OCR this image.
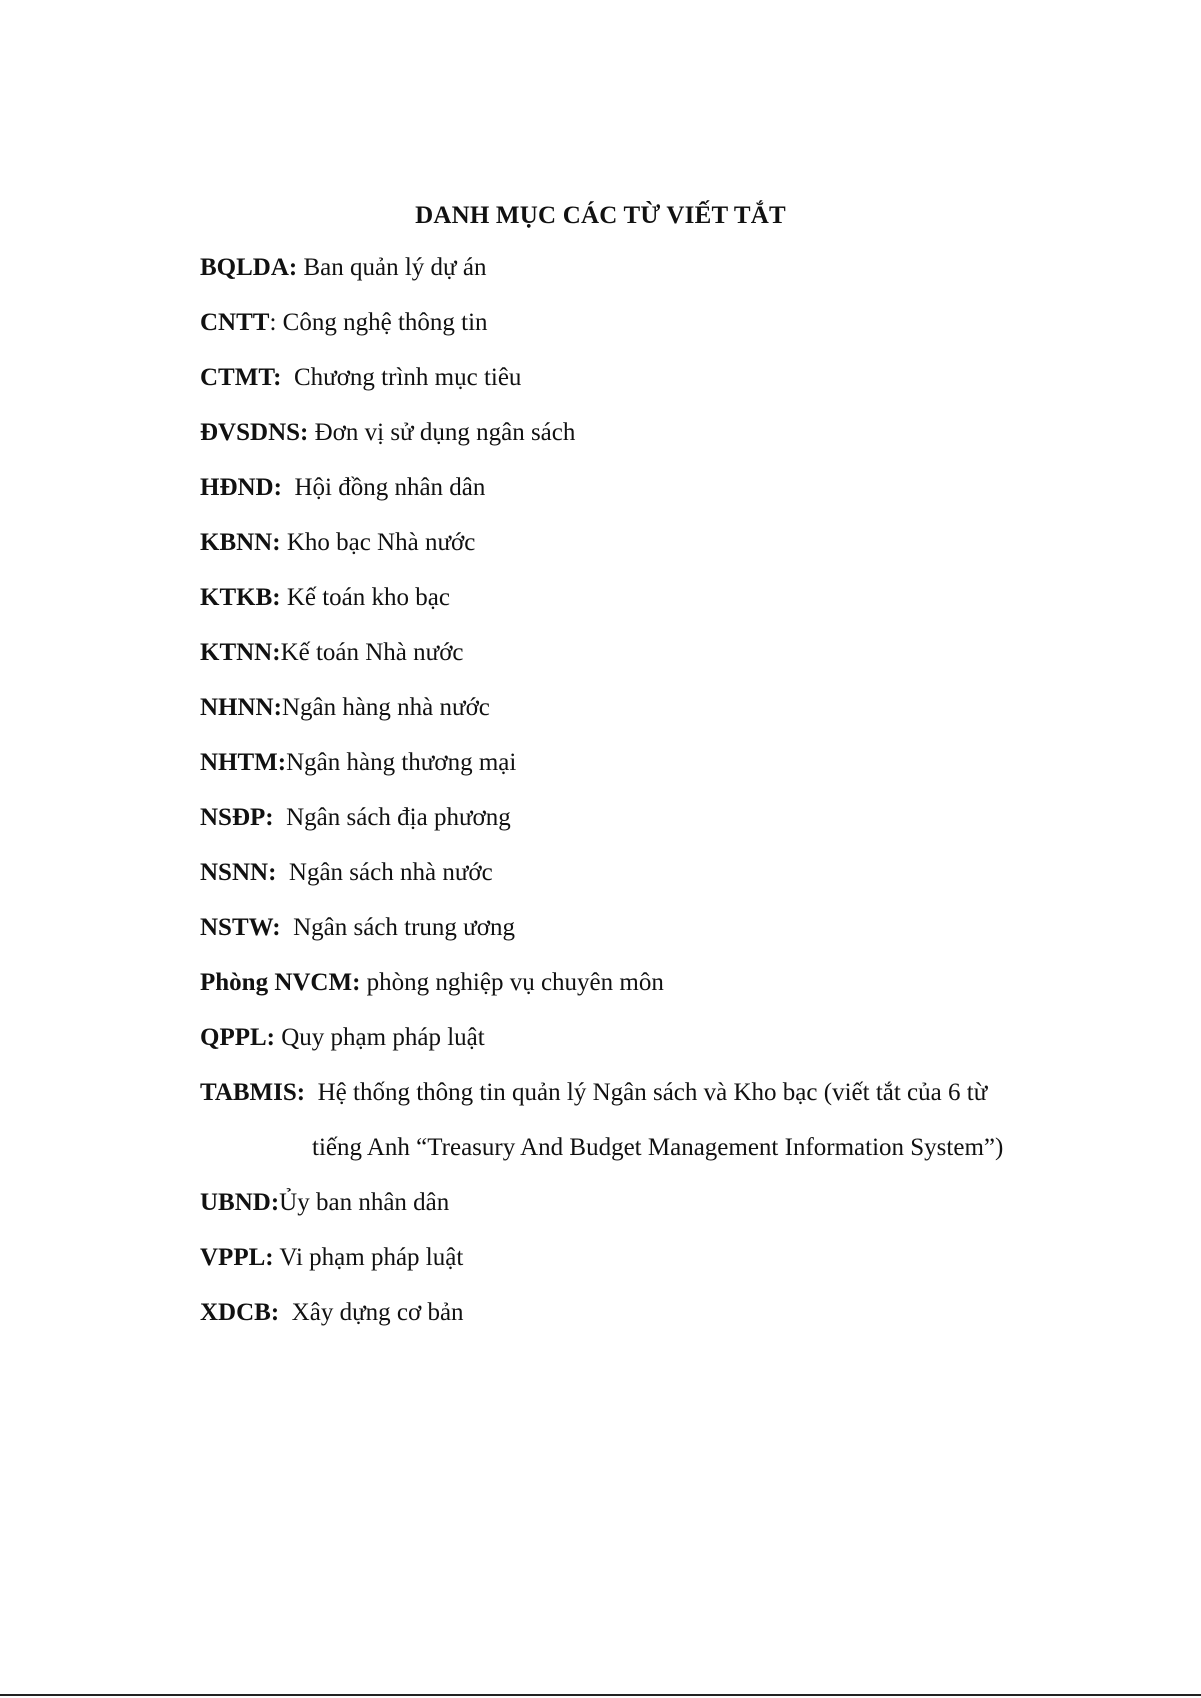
DANH MỤC CÁC TỪ VIẾT TẮT
BQLDA: Ban quản lý dự án
CNTT: Công nghệ thông tin
CTMT: Chương trình mục tiêu
ĐVSDNS: Đơn vị sử dụng ngân sách
HĐND: Hội đồng nhân dân
KBNN: Kho bạc Nhà nước
KTKB: Kế toán kho bạc
KTNN:Kế toán Nhà nước
NHNN:Ngân hàng nhà nước
NHTM:Ngân hàng thương mại
NSĐP: Ngân sách địa phương
NSNN: Ngân sách nhà nước
NSTW: Ngân sách trung ương
Phòng NVCM: phòng nghiệp vụ chuyên môn
QPPL: Quy phạm pháp luật
TABMIS: Hệ thống thông tin quản lý Ngân sách và Kho bạc (viết tắt của 6 từ
tiếng Anh “Treasury And Budget Management Information System”)
UBND:Ủy ban nhân dân
VPPL: Vi phạm pháp luật
XDCB: Xây dựng cơ bản
